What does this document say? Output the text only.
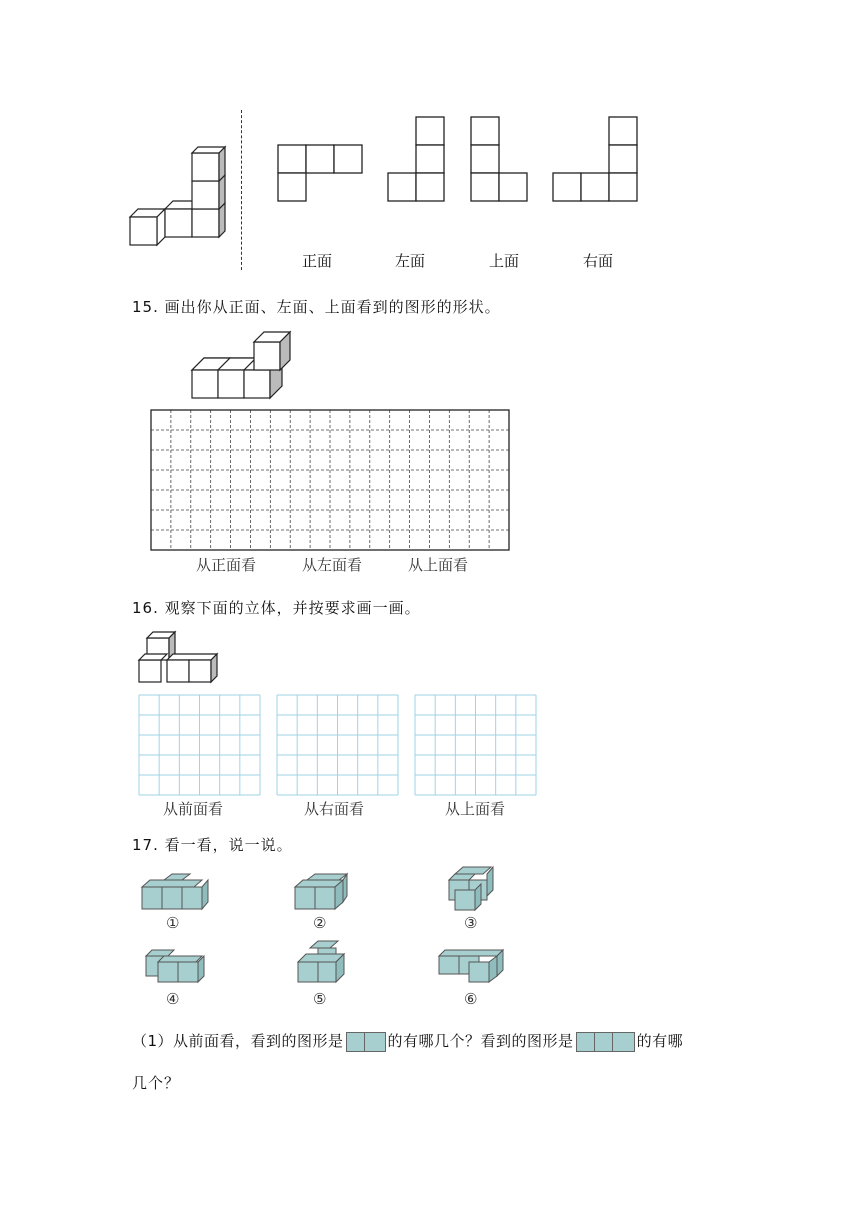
正面	左面	上面	右面
15. 画出你从正面、左面、上面看到的图形的形状。
从正面看	从左面看	从上面看
16. 观察下面的立体，并按要求画一画。
从前面看	从右面看	从上面看
17. 看一看，说一说。
①	②	③
④	⑤	⑥
（1）从前面看，看到的图形是	的有哪几个？看到的图形是	的有哪
几个？
